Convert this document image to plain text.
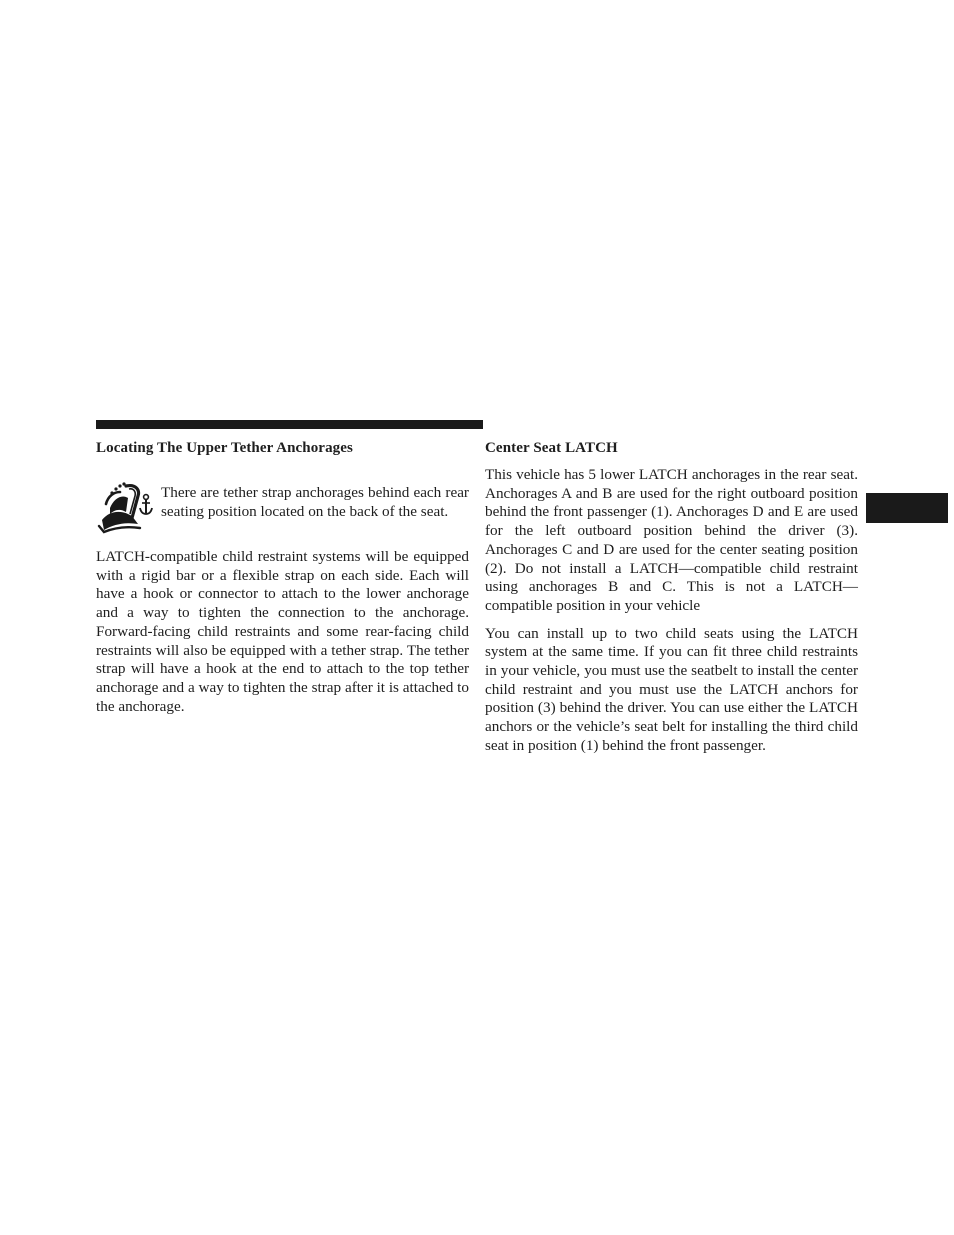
Locating The Upper Tether Anchorages

There are tether strap anchorages behind each rear seating position located on the back of the seat.

LATCH-compatible child restraint systems will be equipped with a rigid bar or a flexible strap on each side. Each will have a hook or connector to attach to the lower anchorage and a way to tighten the connection to the anchorage. Forward-facing child restraints and some rear-facing child restraints will also be equipped with a tether strap. The tether strap will have a hook at the end to attach to the top tether anchorage and a way to tighten the strap after it is attached to the anchorage.

Center Seat LATCH

This vehicle has 5 lower LATCH anchorages in the rear seat. Anchorages A and B are used for the right outboard position behind the front passenger (1). Anchorages D and E are used for the left outboard position behind the driver (3). Anchorages C and D are used for the center seating position (2). Do not install a LATCH—compatible child restraint using anchorages B and C. This is not a LATCH—compatible position in your vehicle

You can install up to two child seats using the LATCH system at the same time. If you can fit three child restraints in your vehicle, you must use the seatbelt to install the center child restraint and you must use the LATCH anchors for position (3) behind the driver. You can use either the LATCH anchors or the vehicle’s seat belt for installing the third child seat in position (1) behind the front passenger.
